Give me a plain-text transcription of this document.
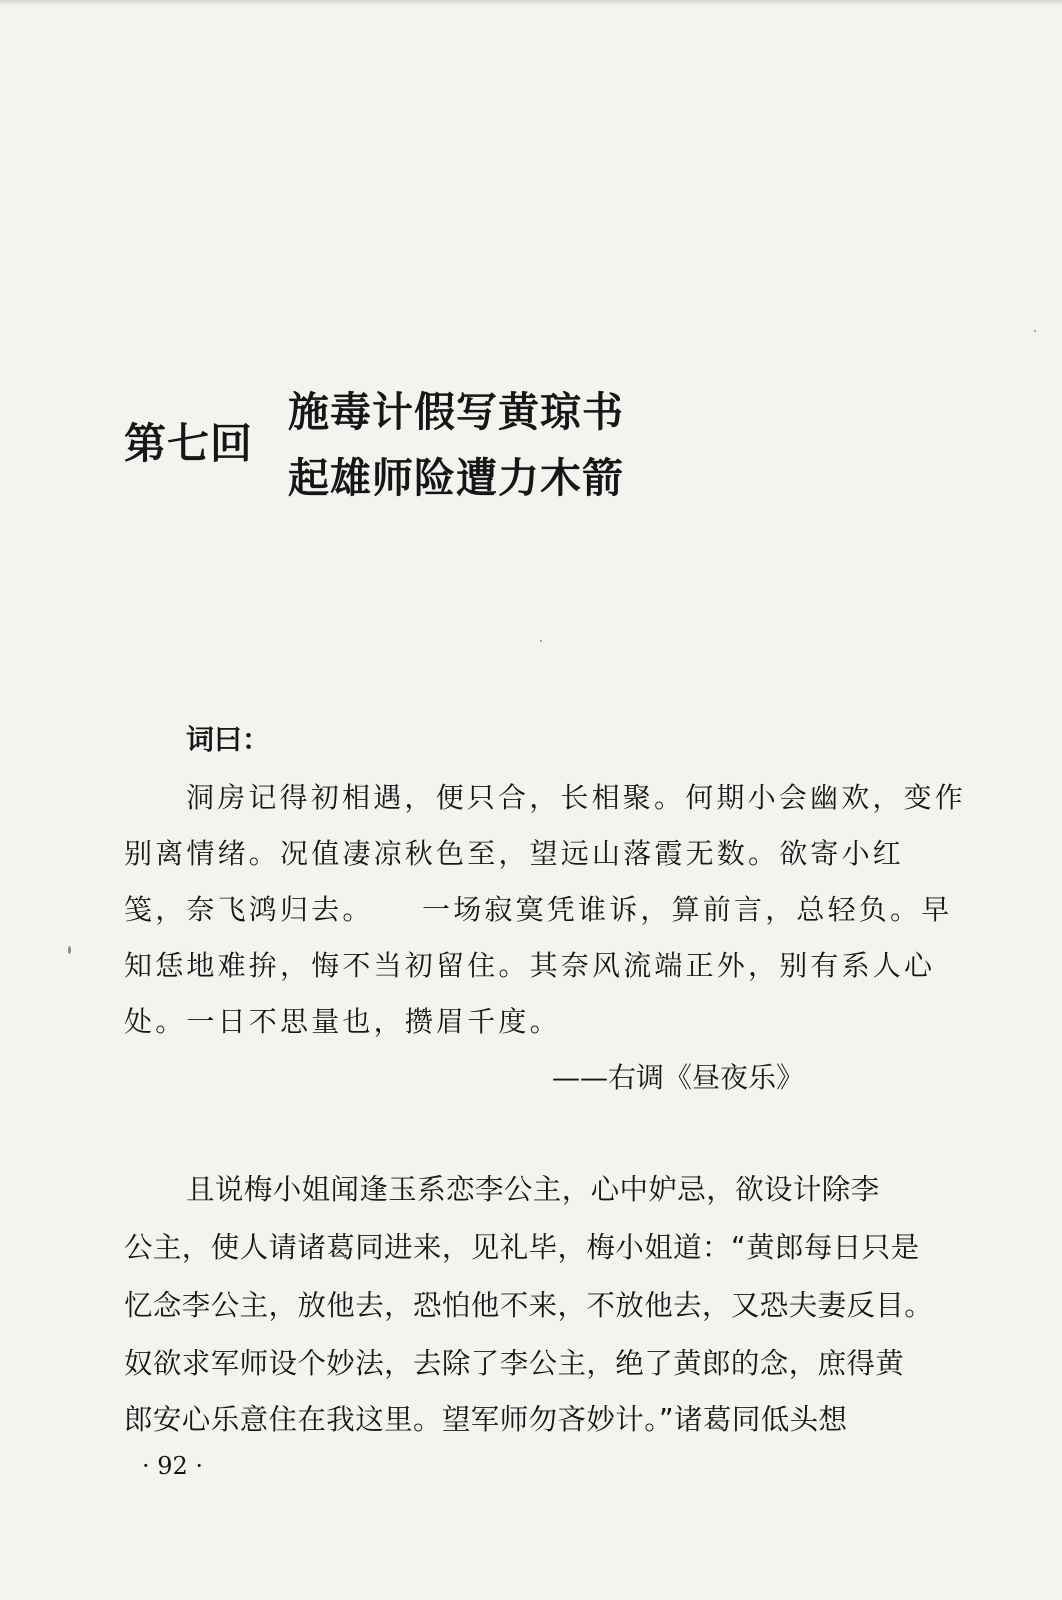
第七回
施毒计假写黄琼书
起雄师险遭力木箭
词曰：
洞房记得初相遇，便只合，长相聚。何期小会幽欢，变作
别离情绪。况值凄凉秋色至，望远山落霞无数。欲寄小红
笺，奈飞鸿归去。　　一场寂寞凭谁诉，算前言，总轻负。早
知恁地难拚，悔不当初留住。其奈风流端正外，别有系人心
处。一日不思量也，攒眉千度。
——右调《昼夜乐》
且说梅小姐闻逢玉系恋李公主，心中妒忌，欲设计除李
公主，使人请诸葛同进来，见礼毕，梅小姐道：“黄郎每日只是
忆念李公主，放他去，恐怕他不来，不放他去，又恐夫妻反目。
奴欲求军师设个妙法，去除了李公主，绝了黄郎的念，庶得黄
郎安心乐意住在我这里。望军师勿吝妙计。”诸葛同低头想
· 92 ·
